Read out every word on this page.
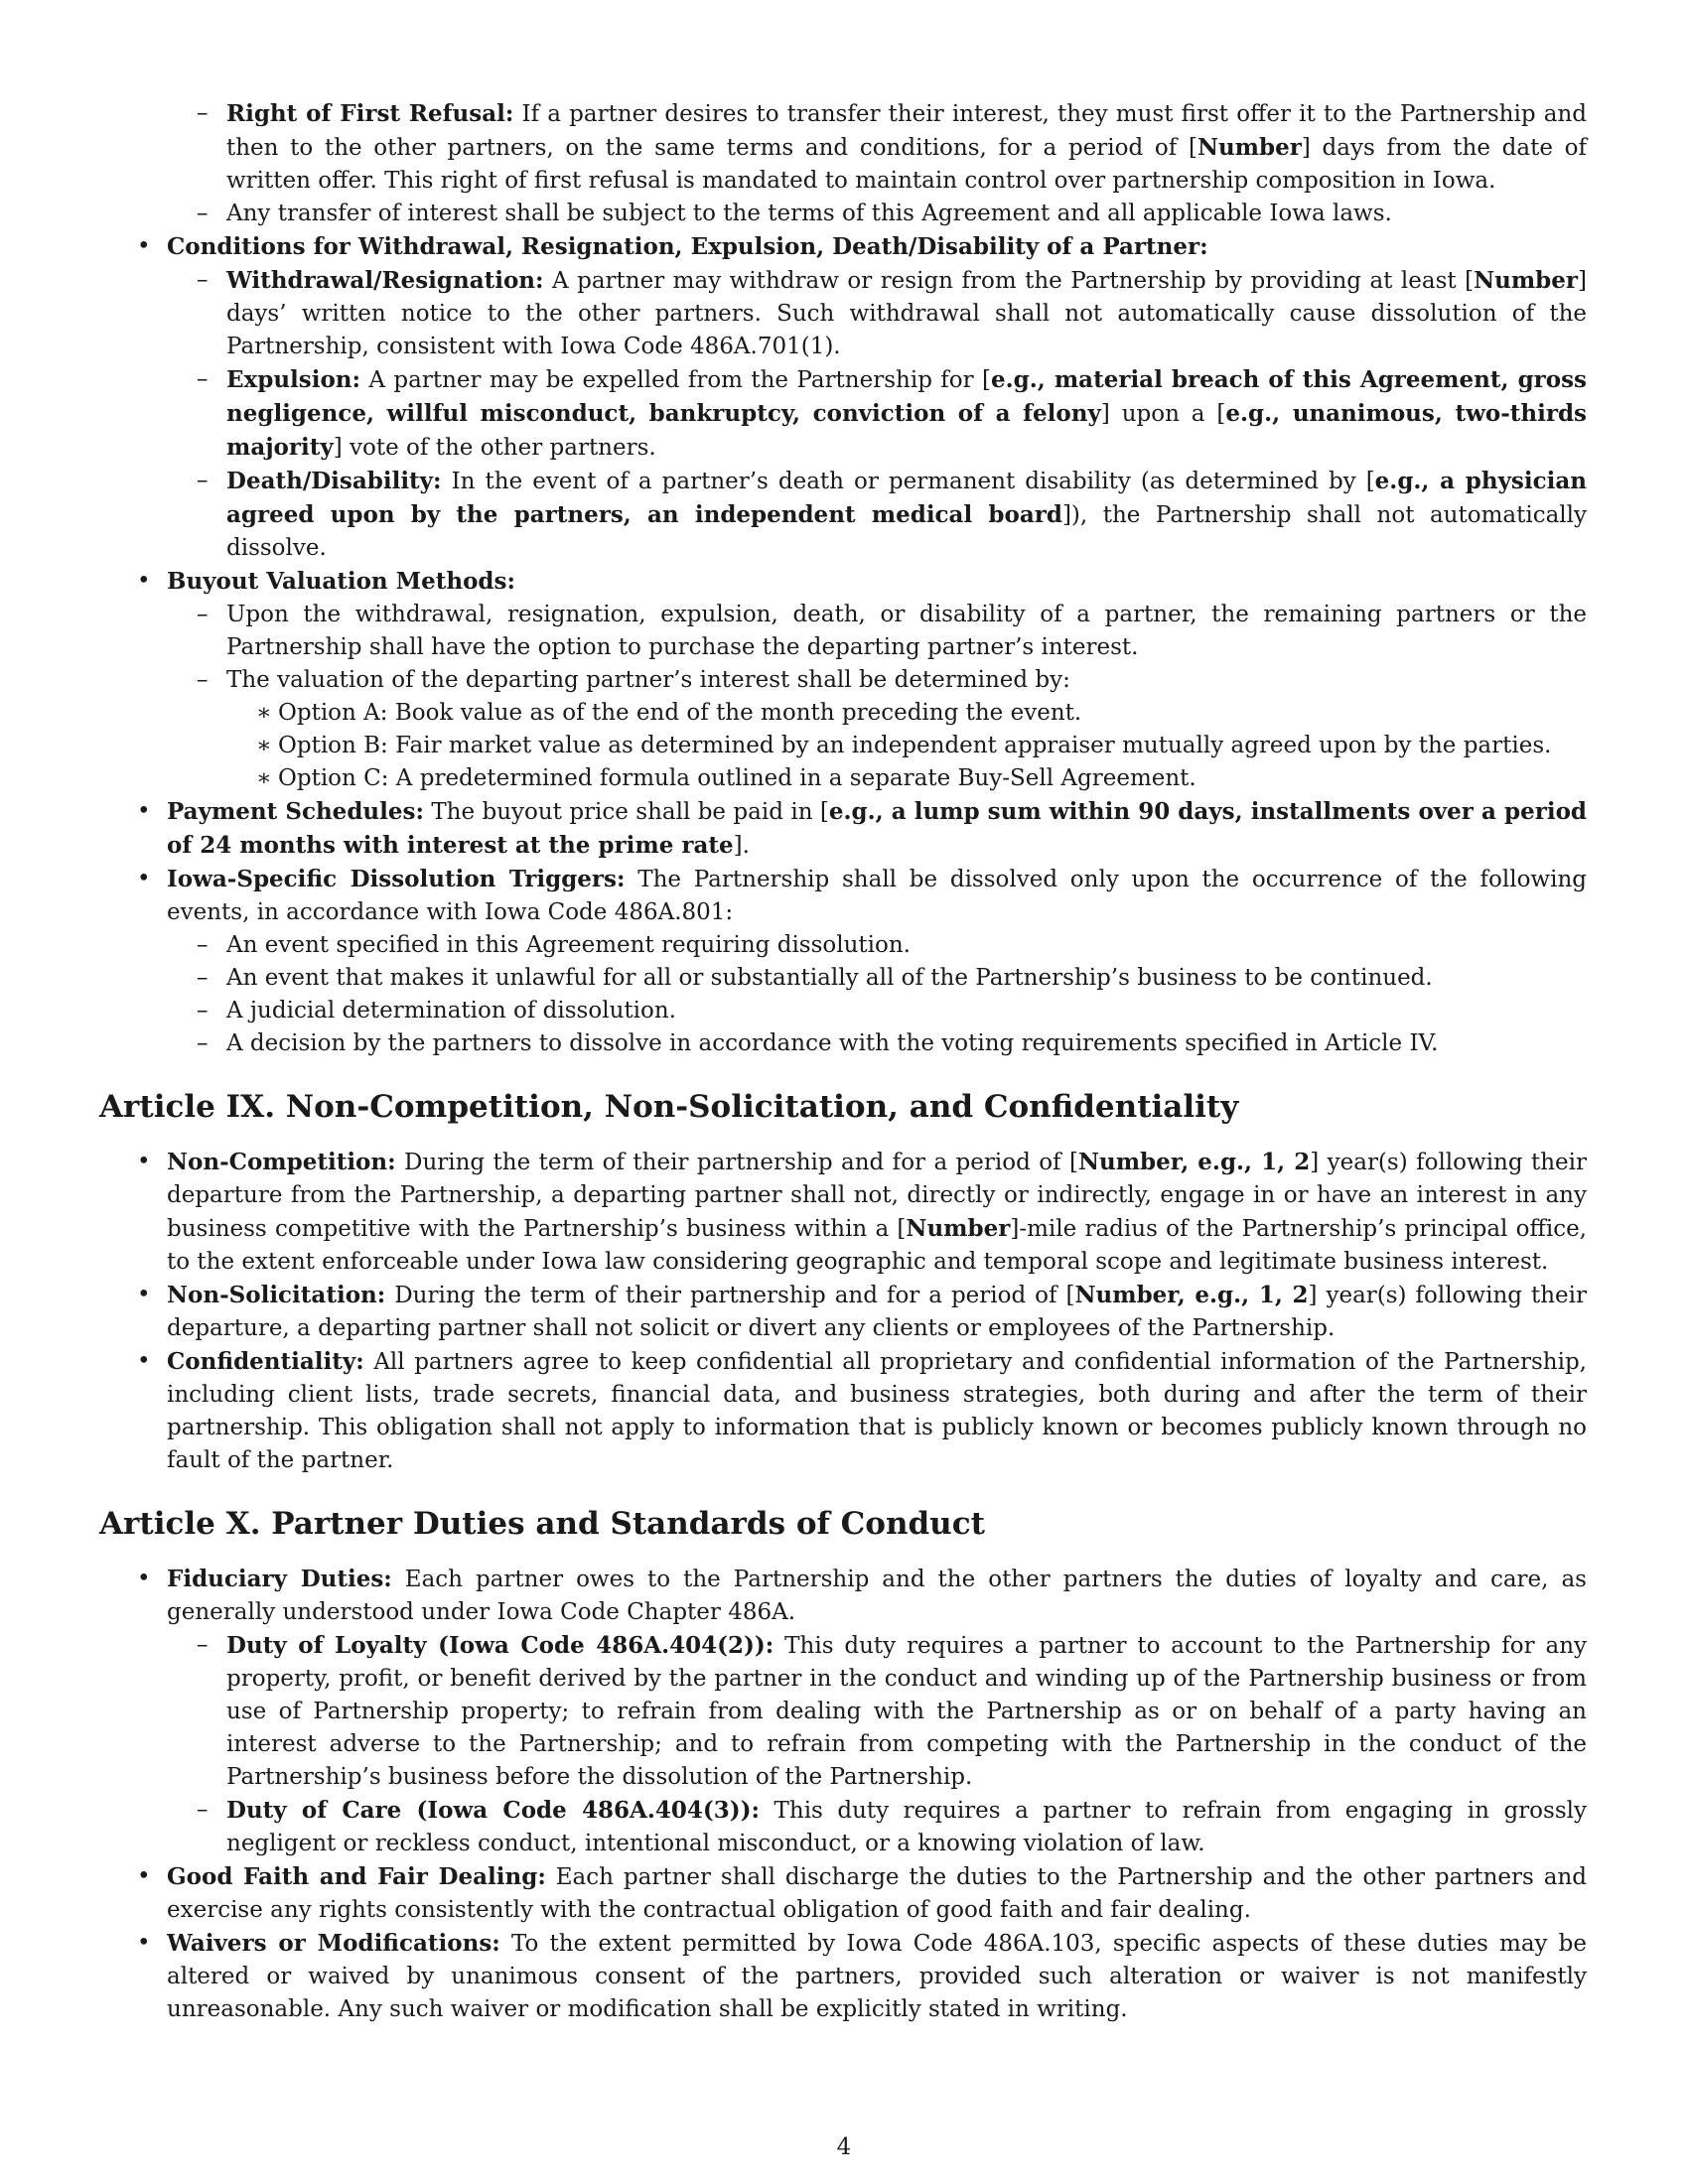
– Right of First Refusal: If a partner desires to transfer their interest, they must first offer it to the Partnership and then to the other partners, on the same terms and conditions, for a period of [Number] days from the date of written offer. This right of first refusal is mandated to maintain control over partnership composition in Iowa.
– Any transfer of interest shall be subject to the terms of this Agreement and all applicable Iowa laws.
• Conditions for Withdrawal, Resignation, Expulsion, Death/Disability of a Partner:
– Withdrawal/Resignation: A partner may withdraw or resign from the Partnership by providing at least [Number] days’ written notice to the other partners. Such withdrawal shall not automatically cause dissolution of the Partnership, consistent with Iowa Code 486A.701(1).
– Expulsion: A partner may be expelled from the Partnership for [e.g., material breach of this Agreement, gross negligence, willful misconduct, bankruptcy, conviction of a felony] upon a [e.g., unanimous, two-thirds majority] vote of the other partners.
– Death/Disability: In the event of a partner’s death or permanent disability (as determined by [e.g., a physician agreed upon by the partners, an independent medical board]), the Partnership shall not automatically dissolve.
• Buyout Valuation Methods:
– Upon the withdrawal, resignation, expulsion, death, or disability of a partner, the remaining partners or the Partnership shall have the option to purchase the departing partner’s interest.
– The valuation of the departing partner’s interest shall be determined by:
∗ Option A: Book value as of the end of the month preceding the event.
∗ Option B: Fair market value as determined by an independent appraiser mutually agreed upon by the parties.
∗ Option C: A predetermined formula outlined in a separate Buy-Sell Agreement.
• Payment Schedules: The buyout price shall be paid in [e.g., a lump sum within 90 days, installments over a period of 24 months with interest at the prime rate].
• Iowa-Specific Dissolution Triggers: The Partnership shall be dissolved only upon the occurrence of the following events, in accordance with Iowa Code 486A.801:
– An event specified in this Agreement requiring dissolution.
– An event that makes it unlawful for all or substantially all of the Partnership’s business to be continued.
– A judicial determination of dissolution.
– A decision by the partners to dissolve in accordance with the voting requirements specified in Article IV.
Article IX. Non-Competition, Non-Solicitation, and Confidentiality
• Non-Competition: During the term of their partnership and for a period of [Number, e.g., 1, 2] year(s) following their departure from the Partnership, a departing partner shall not, directly or indirectly, engage in or have an interest in any business competitive with the Partnership’s business within a [Number]-mile radius of the Partnership’s principal office, to the extent enforceable under Iowa law considering geographic and temporal scope and legitimate business interest.
• Non-Solicitation: During the term of their partnership and for a period of [Number, e.g., 1, 2] year(s) following their departure, a departing partner shall not solicit or divert any clients or employees of the Partnership.
• Confidentiality: All partners agree to keep confidential all proprietary and confidential information of the Partnership, including client lists, trade secrets, financial data, and business strategies, both during and after the term of their partnership. This obligation shall not apply to information that is publicly known or becomes publicly known through no fault of the partner.
Article X. Partner Duties and Standards of Conduct
• Fiduciary Duties: Each partner owes to the Partnership and the other partners the duties of loyalty and care, as generally understood under Iowa Code Chapter 486A.
– Duty of Loyalty (Iowa Code 486A.404(2)): This duty requires a partner to account to the Partnership for any property, profit, or benefit derived by the partner in the conduct and winding up of the Partnership business or from use of Partnership property; to refrain from dealing with the Partnership as or on behalf of a party having an interest adverse to the Partnership; and to refrain from competing with the Partnership in the conduct of the Partnership’s business before the dissolution of the Partnership.
– Duty of Care (Iowa Code 486A.404(3)): This duty requires a partner to refrain from engaging in grossly negligent or reckless conduct, intentional misconduct, or a knowing violation of law.
• Good Faith and Fair Dealing: Each partner shall discharge the duties to the Partnership and the other partners and exercise any rights consistently with the contractual obligation of good faith and fair dealing.
• Waivers or Modifications: To the extent permitted by Iowa Code 486A.103, specific aspects of these duties may be altered or waived by unanimous consent of the partners, provided such alteration or waiver is not manifestly unreasonable. Any such waiver or modification shall be explicitly stated in writing.
4
